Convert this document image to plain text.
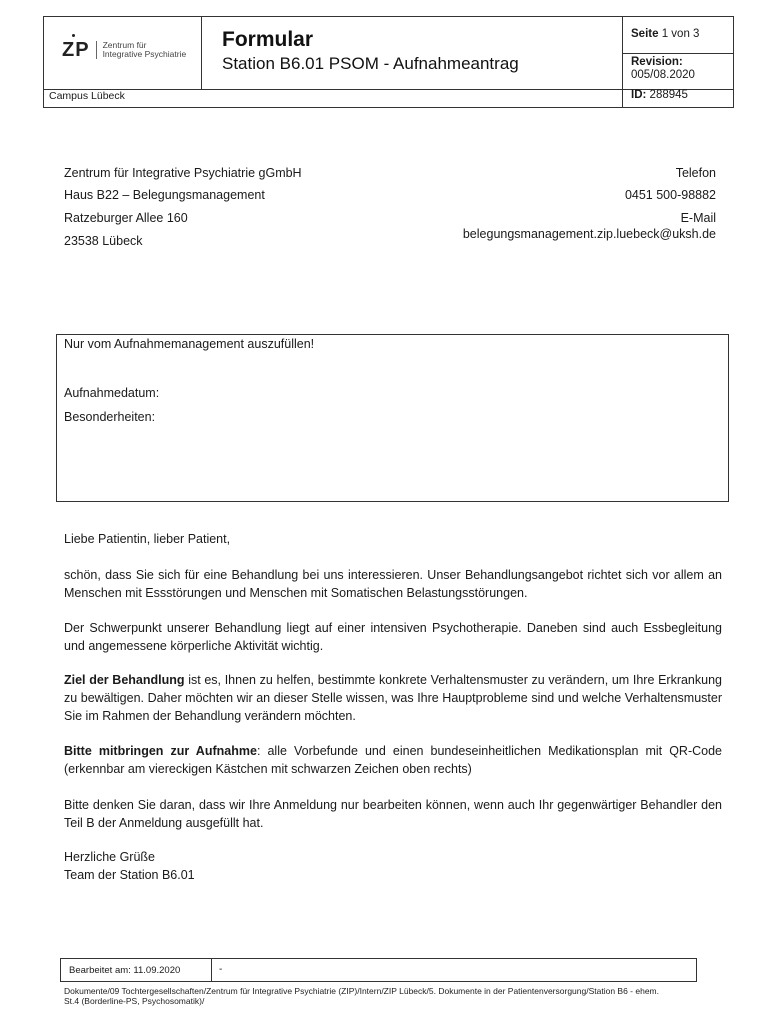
ZP Zentrum für
Integrative Psychiatrie
Formular
Station B6.01 PSOM - Aufnahmeantrag
Seite 1 von 3
Revision:
005/08.2020
Campus Lübeck	ID: 288945
Zentrum für Integrative Psychiatrie gGmbH
Haus B22 – Belegungsmanagement
Ratzeburger Allee 160
23538 Lübeck
Telefon
0451 500-98882
E-Mail
belegungsmanagement.zip.luebeck@uksh.de
Nur vom Aufnahmemanagement auszufüllen!
Aufnahmedatum:
Besonderheiten:
Liebe Patientin, lieber Patient,
schön, dass Sie sich für eine Behandlung bei uns interessieren. Unser Behandlungsangebot richtet sich vor allem an Menschen mit Essstörungen und Menschen mit Somatischen Belastungsstörungen.
Der Schwerpunkt unserer Behandlung liegt auf einer intensiven Psychotherapie. Daneben sind auch Essbegleitung und angemessene körperliche Aktivität wichtig.
Ziel der Behandlung ist es, Ihnen zu helfen, bestimmte konkrete Verhaltensmuster zu verändern, um Ihre Erkrankung zu bewältigen. Daher möchten wir an dieser Stelle wissen, was Ihre Hauptprobleme sind und welche Verhaltensmuster Sie im Rahmen der Behandlung verändern möchten.
Bitte mitbringen zur Aufnahme: alle Vorbefunde und einen bundeseinheitlichen Medikationsplan mit QR-Code (erkennbar am viereckigen Kästchen mit schwarzen Zeichen oben rechts)
Bitte denken Sie daran, dass wir Ihre Anmeldung nur bearbeiten können, wenn auch Ihr gegenwärtiger Behandler den Teil B der Anmeldung ausgefüllt hat.
Herzliche Grüße
Team der Station B6.01
Bearbeitet am: 11.09.2020	-
Dokumente/09 Tochtergesellschaften/Zentrum für Integrative Psychiatrie (ZIP)/Intern/ZIP Lübeck/5. Dokumente in der Patientenversorgung/Station B6 - ehem. St.4 (Borderline-PS, Psychosomatik)/
